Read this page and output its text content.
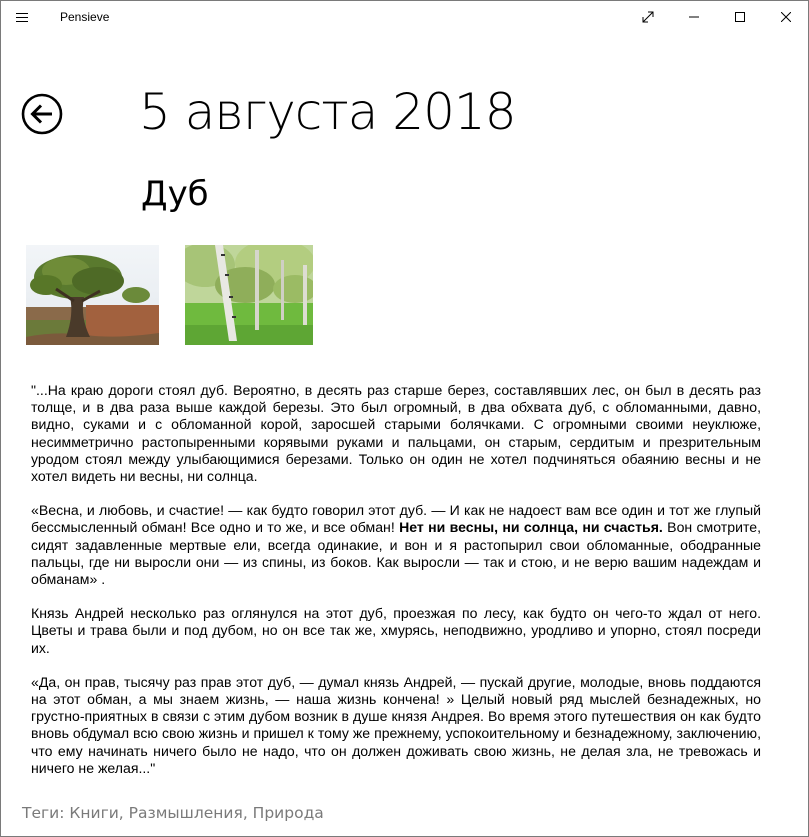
Pensieve
5 августа 2018
Дуб

"...На краю дороги стоял дуб. Вероятно, в десять раз старше берез, составлявших лес, он был в десять раз толще, и в два раза выше каждой березы. Это был огромный, в два обхвата дуб, с обломанными, давно, видно, суками и с обломанной корой, заросшей старыми болячками. С огромными своими неуклюже, несимметрично растопыренными корявыми руками и пальцами, он старым, сердитым и презрительным уродом стоял между улыбающимися березами. Только он один не хотел подчиняться обаянию весны и не хотел видеть ни весны, ни солнца.

«Весна, и любовь, и счастие! — как будто говорил этот дуб. — И как не надоест вам все один и тот же глупый бессмысленный обман! Все одно и то же, и все обман! Нет ни весны, ни солнца, ни счастья. Вон смотрите, сидят задавленные мертвые ели, всегда одинакие, и вон и я растопырил свои обломанные, ободранные пальцы, где ни выросли они — из спины, из боков. Как выросли — так и стою, и не верю вашим надеждам и обманам» .

Князь Андрей несколько раз оглянулся на этот дуб, проезжая по лесу, как будто он чего-то ждал от него. Цветы и трава были и под дубом, но он все так же, хмурясь, неподвижно, уродливо и упорно, стоял посреди их.

«Да, он прав, тысячу раз прав этот дуб, — думал князь Андрей, — пускай другие, молодые, вновь поддаются на этот обман, а мы знаем жизнь, — наша жизнь кончена! » Целый новый ряд мыслей безнадежных, но грустно-приятных в связи с этим дубом возник в душе князя Андрея. Во время этого путешествия он как будто вновь обдумал всю свою жизнь и пришел к тому же прежнему, успокоительному и безнадежному, заключению, что ему начинать ничего было не надо, что он должен доживать свою жизнь, не делая зла, не тревожась и ничего не желая..."

Теги: Книги, Размышления, Природа
